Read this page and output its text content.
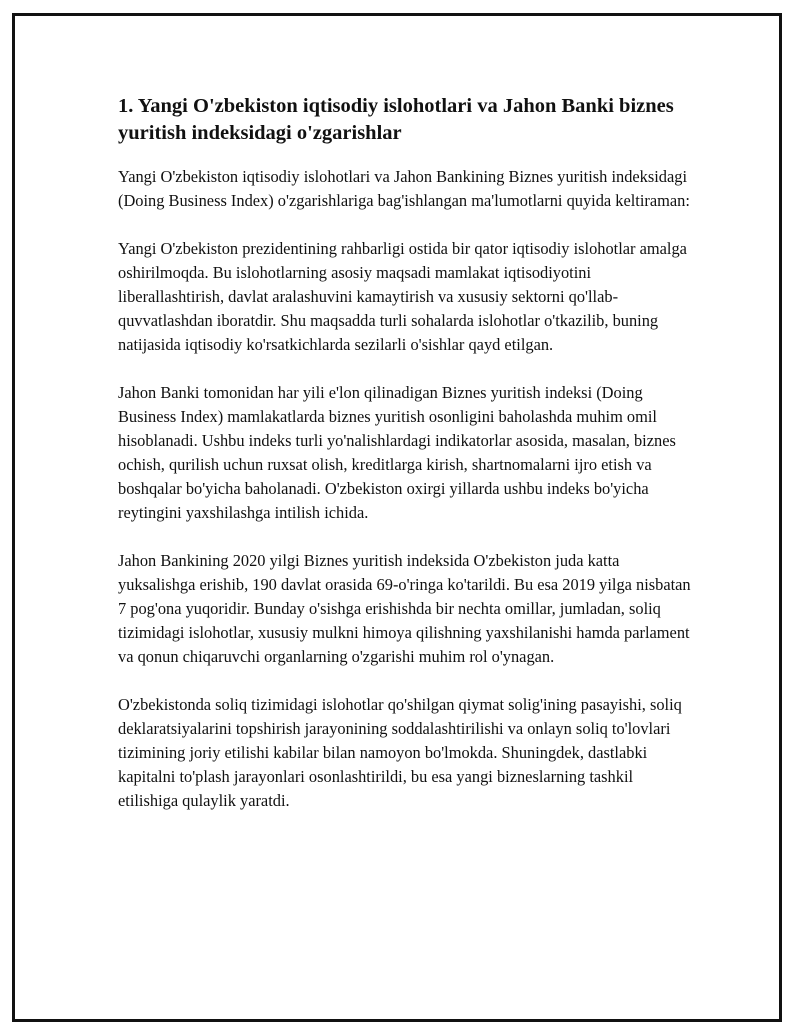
1. Yangi O'zbekiston iqtisodiy islohotlari va Jahon Banki biznes yuritish indeksidagi o'zgarishlar

Yangi O'zbekiston iqtisodiy islohotlari va Jahon Bankining Biznes yuritish indeksidagi (Doing Business Index) o'zgarishlariga bag'ishlangan ma'lumotlarni quyida keltiraman:

Yangi O'zbekiston prezidentining rahbarligi ostida bir qator iqtisodiy islohotlar amalga oshirilmoqda. Bu islohotlarning asosiy maqsadi mamlakat iqtisodiyotini liberallashtirish, davlat aralashuvini kamaytirish va xususiy sektorni qo'llab-quvvatlashdan iboratdir. Shu maqsadda turli sohalarda islohotlar o'tkazilib, buning natijasida iqtisodiy ko'rsatkichlarda sezilarli o'sishlar qayd etilgan.

Jahon Banki tomonidan har yili e'lon qilinadigan Biznes yuritish indeksi (Doing Business Index) mamlakatlarda biznes yuritish osonligini baholashda muhim omil hisoblanadi. Ushbu indeks turli yo'nalishlardagi indikatorlar asosida, masalan, biznes ochish, qurilish uchun ruxsat olish, kreditlarga kirish, shartnomalarni ijro etish va boshqalar bo'yicha baholanadi. O'zbekiston oxirgi yillarda ushbu indeks bo'yicha reytingini yaxshilashga intilish ichida.

Jahon Bankining 2020 yilgi Biznes yuritish indeksida O'zbekiston juda katta yuksalishga erishib, 190 davlat orasida 69-o'ringa ko'tarildi. Bu esa 2019 yilga nisbatan 7 pog'ona yuqoridir. Bunday o'sishga erishishda bir nechta omillar, jumladan, soliq tizimidagi islohotlar, xususiy mulkni himoya qilishning yaxshilanishi hamda parlament va qonun chiqaruvchi organlarning o'zgarishi muhim rol o'ynagan.

O'zbekistonda soliq tizimidagi islohotlar qo'shilgan qiymat solig'ining pasayishi, soliq deklaratsiyalarini topshirish jarayonining soddalashtirilishi va onlayn soliq to'lovlari tizimining joriy etilishi kabilar bilan namoyon bo'lmokda. Shuningdek, dastlabki kapitalni to'plash jarayonlari osonlashtirildi, bu esa yangi bizneslarning tashkil etilishiga qulaylik yaratdi.
